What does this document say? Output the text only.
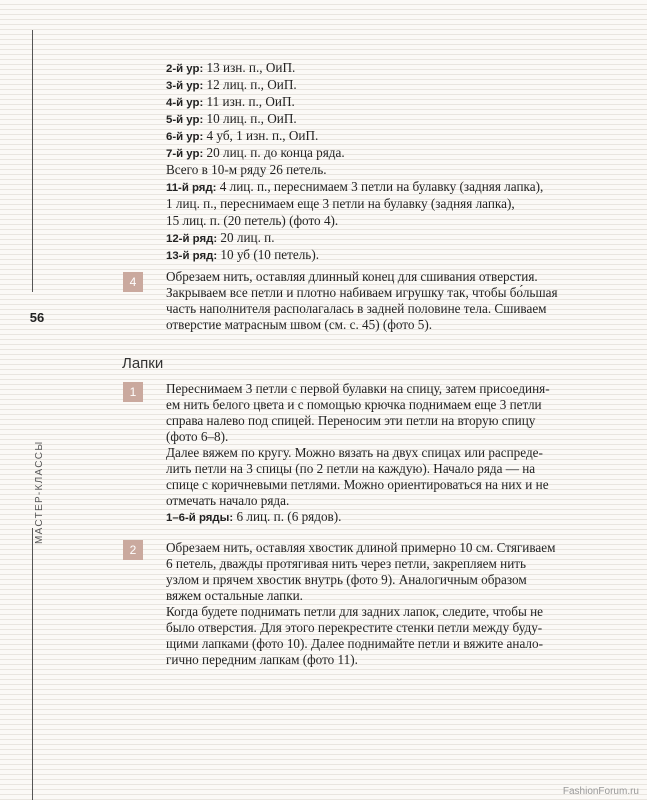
56
МАСТЕР-КЛАССЫ

2-й ур: 13 изн. п., ОиП.

3-й ур: 12 лиц. п., ОиП.

4-й ур: 11 изн. п., ОиП.

5-й ур: 10 лиц. п., ОиП.

6-й ур: 4 уб, 1 изн. п., ОиП.

7-й ур: 20 лиц. п. до конца ряда.

Всего в 10-м ряду 26 петель.

11-й ряд: 4 лиц. п., переснимаем 3 петли на булавку (задняя лапка),

1 лиц. п., переснимаем еще 3 петли на булавку (задняя лапка),

15 лиц. п. (20 петель) (фото 4).

12-й ряд: 20 лиц. п.

13-й ряд: 10 уб (10 петель).

4	Обрезаем нить, оставляя длинный конец для сшивания отверстия.

Закрываем все петли и плотно набиваем игрушку так, чтобы бо́льшая

часть наполнителя располагалась в задней половине тела. Сшиваем

отверстие матрасным швом (см. с. 45) (фото 5).

Лапки
1	Переснимаем 3 петли с первой булавки на спицу, затем присоединя-

ем нить белого цвета и с помощью крючка поднимаем еще 3 петли

справа налево под спицей. Переносим эти петли на вторую спицу

(фото 6–8).

Далее вяжем по кругу. Можно вязать на двух спицах или распреде-

лить петли на 3 спицы (по 2 петли на каждую). Начало ряда — на

спице с коричневыми петлями. Можно ориентироваться на них и не

отмечать начало ряда.

1–6-й ряды: 6 лиц. п. (6 рядов).

2	Обрезаем нить, оставляя хвостик длиной примерно 10 см. Стягиваем

6 петель, дважды протягивая нить через петли, закрепляем нить

узлом и прячем хвостик внутрь (фото 9). Аналогичным образом

вяжем остальные лапки.

Когда будете поднимать петли для задних лапок, следите, чтобы не

было отверстия. Для этого перекрестите стенки петли между буду-

щими лапками (фото 10). Далее поднимайте петли и вяжите анало-

гично передним лапкам (фото 11).

FashionForum.ru
